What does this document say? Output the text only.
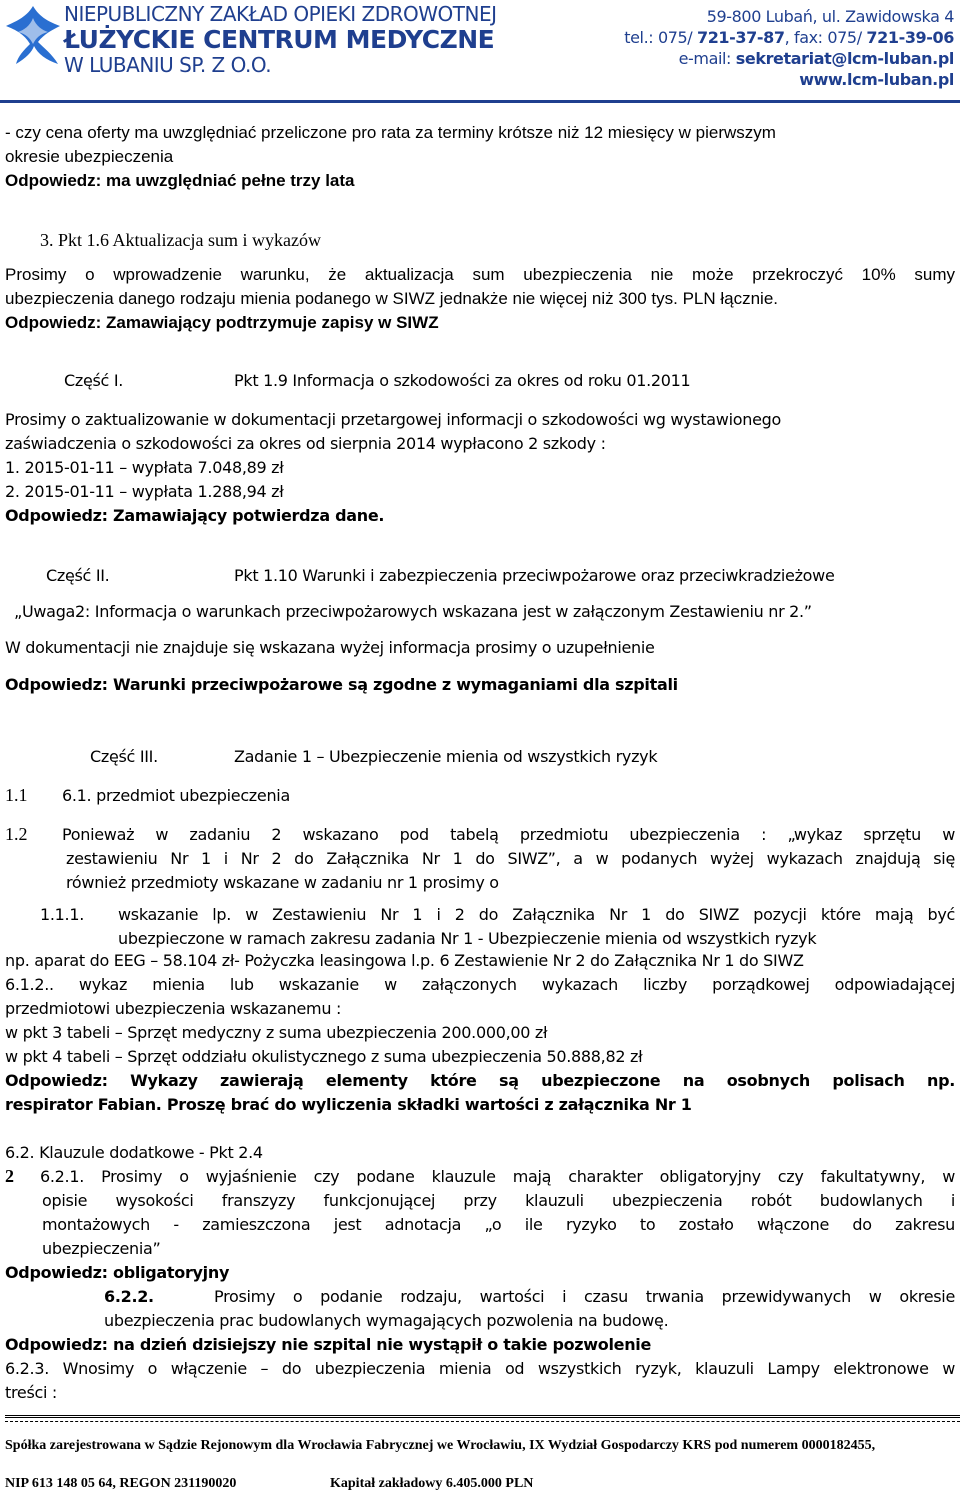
NIEPUBLICZNY ZAKŁAD OPIEKI ZDROWOTNEJ
ŁUŻYCKIE CENTRUM MEDYCZNE
W LUBANIU SP. Z O.O.
59-800 Lubań, ul. Zawidowska 4
tel.: 075/ 721-37-87, fax: 075/ 721-39-06
e-mail: sekretariat@lcm-luban.pl
www.lcm-luban.pl
- czy cena oferty ma uwzględniać przeliczone pro rata za terminy krótsze niż 12 miesięcy w pierwszym
okresie ubezpieczenia
Odpowiedz: ma uwzględniać pełne trzy lata
3. Pkt 1.6 Aktualizacja sum i wykazów
Prosimy o wprowadzenie warunku, że aktualizacja sum ubezpieczenia nie może przekroczyć 10% sumy
ubezpieczenia danego rodzaju mienia podanego w SIWZ jednakże nie więcej niż 300 tys. PLN łącznie.
Odpowiedz: Zamawiający podtrzymuje zapisy w SIWZ
Część I.	Pkt 1.9 Informacja o szkodowości za okres od roku 01.2011
Prosimy o zaktualizowanie w dokumentacji przetargowej informacji o szkodowości wg wystawionego
zaświadczenia o szkodowości za okres od sierpnia 2014 wypłacono 2 szkody :
1. 2015-01-11 – wypłata 7.048,89 zł
2. 2015-01-11 – wypłata 1.288,94 zł
Odpowiedz: Zamawiający potwierdza dane.
Część II.	Pkt 1.10 Warunki i zabezpieczenia przeciwpożarowe oraz przeciwkradzieżowe
„Uwaga2: Informacja o warunkach przeciwpożarowych wskazana jest w załączonym Zestawieniu nr 2.”
W dokumentacji nie znajduje się wskazana wyżej informacja prosimy o uzupełnienie
Odpowiedz: Warunki przeciwpożarowe są zgodne z wymaganiami dla szpitali
Część III.	Zadanie 1 – Ubezpieczenie mienia od wszystkich ryzyk
1.1 6.1. przedmiot ubezpieczenia
1.2 Ponieważ w zadaniu 2 wskazano pod tabelą przedmiotu ubezpieczenia : „wykaz sprzętu w
zestawieniu Nr 1 i Nr 2 do Załącznika Nr 1 do SIWZ”, a w podanych wyżej wykazach znajdują się
również przedmioty wskazane w zadaniu nr 1 prosimy o
1.1.1. wskazanie lp. w Zestawieniu Nr 1 i 2 do Załącznika Nr 1 do SIWZ pozycji które mają być
ubezpieczone w ramach zakresu zadania Nr 1 - Ubezpieczenie mienia od wszystkich ryzyk
np. aparat do EEG – 58.104 zł- Pożyczka leasingowa l.p. 6 Zestawienie Nr 2 do Załącznika Nr 1 do SIWZ
6.1.2.. wykaz mienia lub wskazanie w załączonych wykazach liczby porządkowej odpowiadającej
przedmiotowi ubezpieczenia wskazanemu :
w pkt 3 tabeli – Sprzęt medyczny z suma ubezpieczenia 200.000,00 zł
w pkt 4 tabeli – Sprzęt oddziału okulistycznego z suma ubezpieczenia 50.888,82 zł
Odpowiedz: Wykazy zawierają elementy które są ubezpieczone na osobnych polisach np.
respirator Fabian. Proszę brać do wyliczenia składki wartości z załącznika Nr 1
6.2. Klauzule dodatkowe - Pkt 2.4
2 6.2.1. Prosimy o wyjaśnienie czy podane klauzule mają charakter obligatoryjny czy fakultatywny, w
opisie wysokości franszyzy funkcjonującej przy klauzuli ubezpieczenia robót budowlanych i
montażowych - zamieszczona jest adnotacja „o ile ryzyko to zostało włączone do zakresu
ubezpieczenia”
Odpowiedz: obligatoryjny
6.2.2.	Prosimy o podanie rodzaju, wartości i czasu trwania przewidywanych w okresie
ubezpieczenia prac budowlanych wymagających pozwolenia na budowę.
Odpowiedz: na dzień dzisiejszy nie szpital nie wystąpił o takie pozwolenie
6.2.3. Wnosimy o włączenie – do ubezpieczenia mienia od wszystkich ryzyk, klauzuli Lampy elektronowe w
treści :
Spółka zarejestrowana w Sądzie Rejonowym dla Wrocławia Fabrycznej we Wrocławiu, IX Wydział Gospodarczy KRS pod numerem 0000182455,
NIP 613 148 05 64, REGON 231190020	Kapitał zakładowy 6.405.000 PLN
